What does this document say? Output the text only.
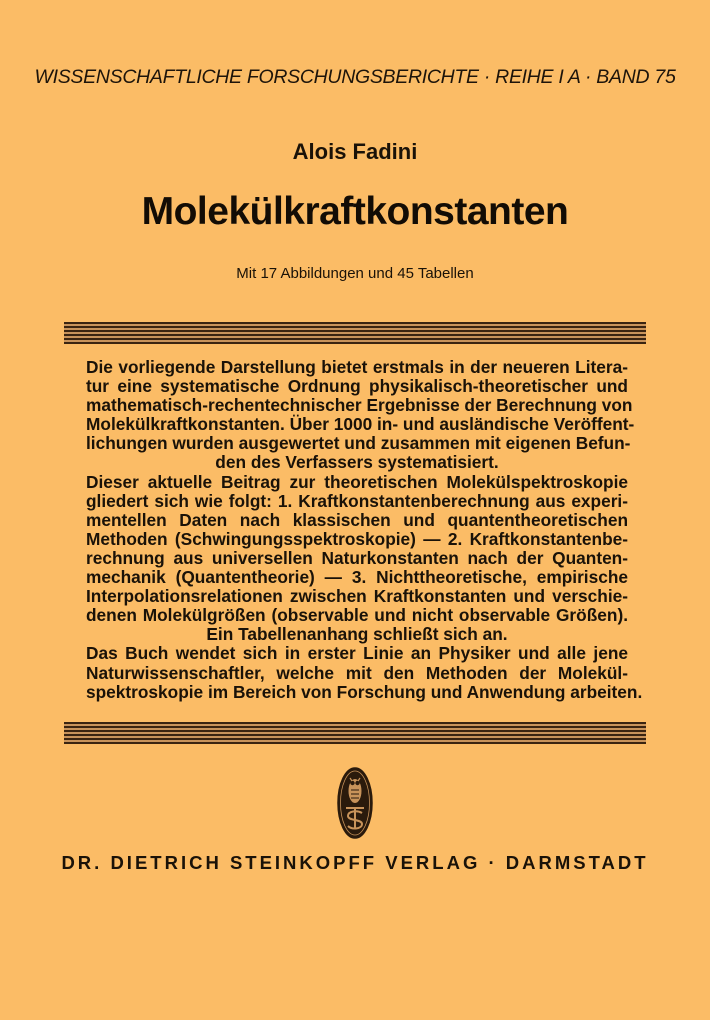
WISSENSCHAFTLICHE FORSCHUNGSBERICHTE · REIHE I A · BAND 75
Alois Fadini
Molekülkraftkonstanten
Mit 17 Abbildungen und 45 Tabellen
Die vorliegende Darstellung bietet erstmals in der neueren Litera-
tur eine systematische Ordnung physikalisch-theoretischer und
mathematisch-rechentechnischer Ergebnisse der Berechnung von
Molekülkraftkonstanten. Über 1000 in- und ausländische Veröffent-
lichungen wurden ausgewertet und zusammen mit eigenen Befun-
den des Verfassers systematisiert.
Dieser aktuelle Beitrag zur theoretischen Molekülspektroskopie
gliedert sich wie folgt: 1. Kraftkonstantenberechnung aus experi-
mentellen Daten nach klassischen und quantentheoretischen
Methoden (Schwingungsspektroskopie) — 2. Kraftkonstantenbe-
rechnung aus universellen Naturkonstanten nach der Quanten-
mechanik (Quantentheorie) — 3. Nichttheoretische, empirische
Interpolationsrelationen zwischen Kraftkonstanten und verschie-
denen Molekülgrößen (observable und nicht observable Größen).
Ein Tabellenanhang schließt sich an.
Das Buch wendet sich in erster Linie an Physiker und alle jene
Naturwissenschaftler, welche mit den Methoden der Molekül-
spektroskopie im Bereich von Forschung und Anwendung arbeiten.
DR. DIETRICH STEINKOPFF VERLAG · DARMSTADT
